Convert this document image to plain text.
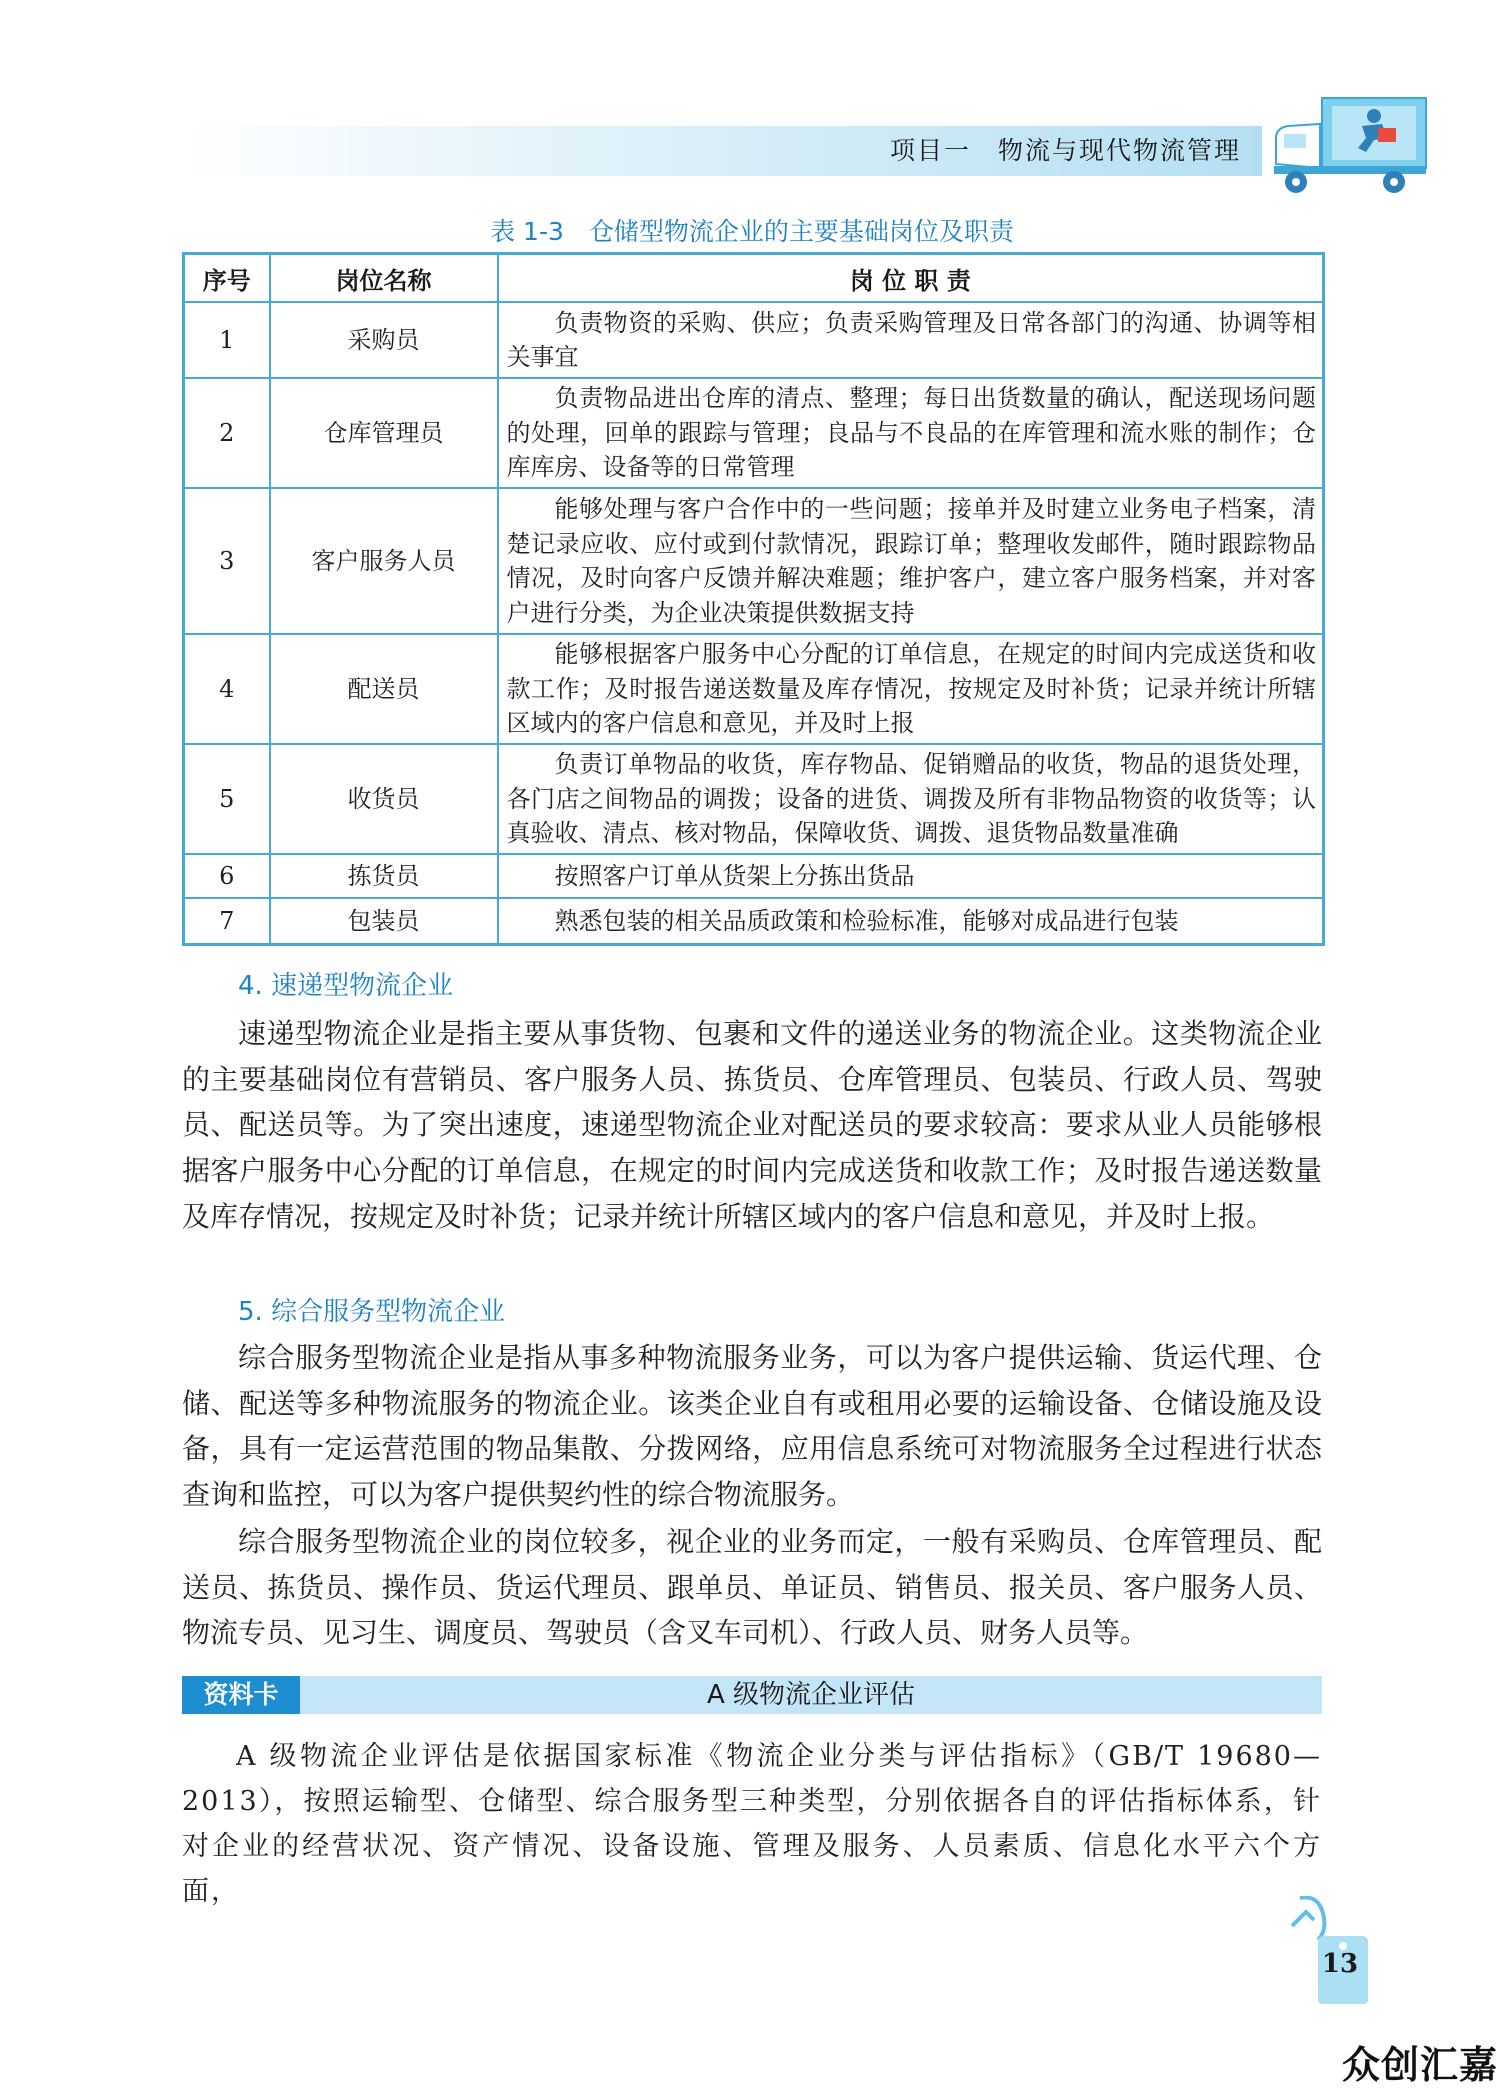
项目一　物流与现代物流管理
表 1-3　仓储型物流企业的主要基础岗位及职责
序号	岗位名称	岗 位 职 责
1	采购员	负责物资的采购、供应；负责采购管理及日常各部门的沟通、协调等相关事宜
2	仓库管理员	负责物品进出仓库的清点、整理；每日出货数量的确认，配送现场问题的处理，回单的跟踪与管理；良品与不良品的在库管理和流水账的制作；仓库库房、设备等的日常管理
3	客户服务人员	能够处理与客户合作中的一些问题；接单并及时建立业务电子档案，清楚记录应收、应付或到付款情况，跟踪订单；整理收发邮件，随时跟踪物品情况，及时向客户反馈并解决难题；维护客户，建立客户服务档案，并对客户进行分类，为企业决策提供数据支持
4	配送员	能够根据客户服务中心分配的订单信息，在规定的时间内完成送货和收款工作；及时报告递送数量及库存情况，按规定及时补货；记录并统计所辖区域内的客户信息和意见，并及时上报
5	收货员	负责订单物品的收货，库存物品、促销赠品的收货，物品的退货处理，各门店之间物品的调拨；设备的进货、调拨及所有非物品物资的收货等；认真验收、清点、核对物品，保障收货、调拨、退货物品数量准确
6	拣货员	按照客户订单从货架上分拣出货品
7	包装员	熟悉包装的相关品质政策和检验标准，能够对成品进行包装
4. 速递型物流企业

速递型物流企业是指主要从事货物、包裹和文件的递送业务的物流企业。这类物流企业的主要基础岗位有营销员、客户服务人员、拣货员、仓库管理员、包装员、行政人员、驾驶员、配送员等。为了突出速度，速递型物流企业对配送员的要求较高：要求从业人员能够根据客户服务中心分配的订单信息，在规定的时间内完成送货和收款工作；及时报告递送数量及库存情况，按规定及时补货；记录并统计所辖区域内的客户信息和意见，并及时上报。

5. 综合服务型物流企业

综合服务型物流企业是指从事多种物流服务业务，可以为客户提供运输、货运代理、仓储、配送等多种物流服务的物流企业。该类企业自有或租用必要的运输设备、仓储设施及设备，具有一定运营范围的物品集散、分拨网络，应用信息系统可对物流服务全过程进行状态查询和监控，可以为客户提供契约性的综合物流服务。

综合服务型物流企业的岗位较多，视企业的业务而定，一般有采购员、仓库管理员、配送员、拣货员、操作员、货运代理员、跟单员、单证员、销售员、报关员、客户服务人员、物流专员、见习生、调度员、驾驶员（含叉车司机）、行政人员、财务人员等。

资料卡	A 级物流企业评估

A 级物流企业评估是依据国家标准《物流企业分类与评估指标》（GB/T 19680—2013），按照运输型、仓储型、综合服务型三种类型，分别依据各自的评估指标体系，针对企业的经营状况、资产情况、设备设施、管理及服务、人员素质、信息化水平六个方面，

13
众创汇嘉
